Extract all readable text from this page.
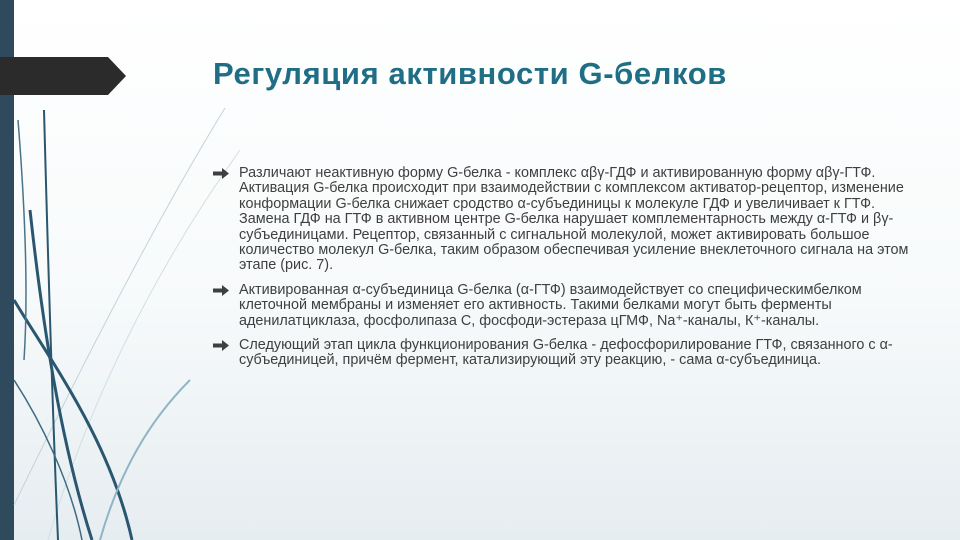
Регуляция активности G-белков
Различают неактивную форму G-белка - комплекс αβγ-ГДФ и активированную форму αβγ-ГТФ. Активация G-белка происходит при взаимодействии с комплексом активатор-рецептор, изменение конформации G-белка снижает сродство α-субъединицы к молекуле ГДФ и увеличивает к ГТФ. Замена ГДФ на ГТФ в активном центре G-белка нарушает комплементарность между α-ГТФ и βγ-субъединицами. Рецептор, связанный с сигнальной молекулой, может активировать большое количество молекул G-белка, таким образом обеспечивая усиление внеклеточного сигнала на этом этапе (рис. 7).
Активированная α-субъединица G-белка (α-ГТФ) взаимодействует со специфическимбелком клеточной мембраны и изменяет его активность. Такими белками могут быть ферменты аденилатциклаза, фосфолипаза С, фосфоди-эстераза цГМФ, Nа⁺-каналы, К⁺-каналы.
Следующий этап цикла функционирования G-белка - дефосфорилирование ГТФ, связанного с α-субъединицей, причём фермент, катализирующий эту реакцию, - сама α-субъединица.
